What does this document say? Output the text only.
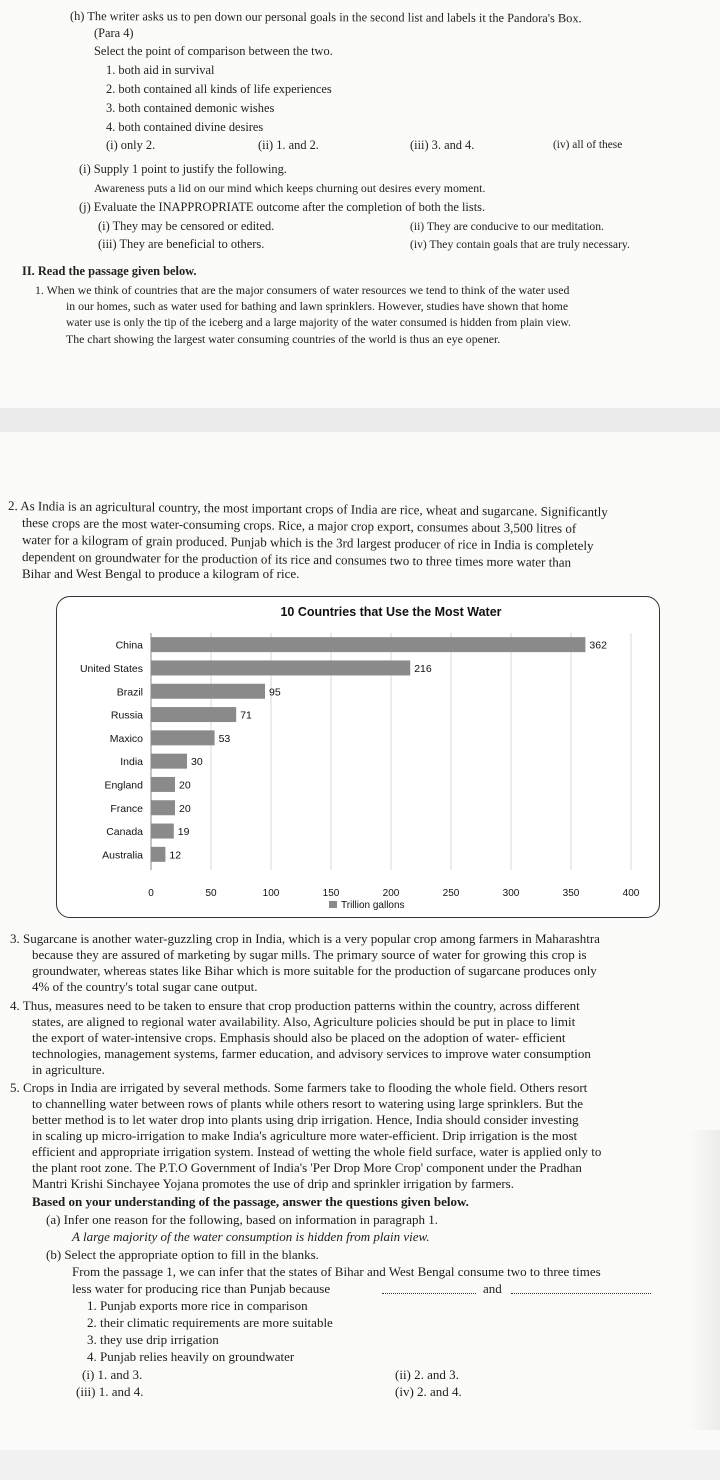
(h) The writer asks us to pen down our personal goals in the second list and labels it the Pandora's Box.
(Para 4)
Select the point of comparison between the two.
1. both aid in survival
2. both contained all kinds of life experiences
3. both contained demonic wishes
4. both contained divine desires
(i) only 2.	(ii) 1. and 2.	(iii) 3. and 4.	(iv) all of these
(i) Supply 1 point to justify the following.
Awareness puts a lid on our mind which keeps churning out desires every moment.
(j) Evaluate the INAPPROPRIATE outcome after the completion of both the lists.
(i) They may be censored or edited.	(ii) They are conducive to our meditation.
(iii) They are beneficial to others.	(iv) They contain goals that are truly necessary.
II. Read the passage given below.
1. When we think of countries that are the major consumers of water resources we tend to think of the water used
in our homes, such as water used for bathing and lawn sprinklers. However, studies have shown that home
water use is only the tip of the iceberg and a large majority of the water consumed is hidden from plain view.
The chart showing the largest water consuming countries of the world is thus an eye opener.
2. As India is an agricultural country, the most important crops of India are rice, wheat and sugarcane. Significantly
these crops are the most water-consuming crops. Rice, a major crop export, consumes about 3,500 litres of
water for a kilogram of grain produced. Punjab which is the 3rd largest producer of rice in India is completely
dependent on groundwater for the production of its rice and consumes two to three times more water than
Bihar and West Bengal to produce a kilogram of rice.
10 Countries that Use the Most Water
China	362
United States	216
Brazil	95
Russia	71
Maxico	53
India	30
England	20
France	20
Canada	19
Australia	12
0	50	100	150	200	250	300	350	400
Trillion gallons
3. Sugarcane is another water-guzzling crop in India, which is a very popular crop among farmers in Maharashtra
because they are assured of marketing by sugar mills. The primary source of water for growing this crop is
groundwater, whereas states like Bihar which is more suitable for the production of sugarcane produces only
4% of the country's total sugar cane output.
4. Thus, measures need to be taken to ensure that crop production patterns within the country, across different
states, are aligned to regional water availability. Also, Agriculture policies should be put in place to limit
the export of water-intensive crops. Emphasis should also be placed on the adoption of water- efficient
technologies, management systems, farmer education, and advisory services to improve water consumption
in agriculture.
5. Crops in India are irrigated by several methods. Some farmers take to flooding the whole field. Others resort
to channelling water between rows of plants while others resort to watering using large sprinklers. But the
better method is to let water drop into plants using drip irrigation. Hence, India should consider investing
in scaling up micro-irrigation to make India's agriculture more water-efficient. Drip irrigation is the most
efficient and appropriate irrigation system. Instead of wetting the whole field surface, water is applied only to
the plant root zone. The P.T.O Government of India's 'Per Drop More Crop' component under the Pradhan
Mantri Krishi Sinchayee Yojana promotes the use of drip and sprinkler irrigation by farmers.
Based on your understanding of the passage, answer the questions given below.
(a) Infer one reason for the following, based on information in paragraph 1.
A large majority of the water consumption is hidden from plain view.
(b) Select the appropriate option to fill in the blanks.
From the passage 1, we can infer that the states of Bihar and West Bengal consume two to three times
less water for producing rice than Punjab because	and
1. Punjab exports more rice in comparison
2. their climatic requirements are more suitable
3. they use drip irrigation
4. Punjab relies heavily on groundwater
(i) 1. and 3.	(ii) 2. and 3.
(iii) 1. and 4.	(iv) 2. and 4.
